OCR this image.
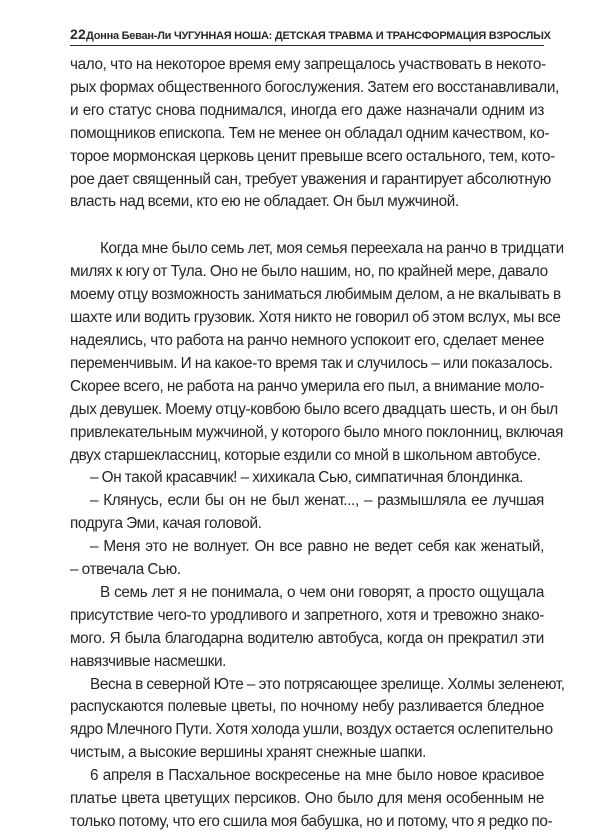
22 Донна Беван-Ли ЧУГУННАЯ НОША: ДЕТСКАЯ ТРАВМА И ТРАНСФОРМАЦИЯ ВЗРОСЛЫХ
чало, что на некоторое время ему запрещалось участвовать в некото-
рых формах общественного богослужения. Затем его восстанавливали,
и его статус снова поднимался, иногда его даже назначали одним из
помощников епископа. Тем не менее он обладал одним качеством, ко-
торое мормонская церковь ценит превыше всего остального, тем, кото-
рое дает священный сан, требует уважения и гарантирует абсолютную
власть над всеми, кто ею не обладает. Он был мужчиной.
Когда мне было семь лет, моя семья переехала на ранчо в тридцати
милях к югу от Тула. Оно не было нашим, но, по крайней мере, давало
моему отцу возможность заниматься любимым делом, а не вкалывать в
шахте или водить грузовик. Хотя никто не говорил об этом вслух, мы все
надеялись, что работа на ранчо немного успокоит его, сделает менее
переменчивым. И на какое-то время так и случилось – или показалось.
Скорее всего, не работа на ранчо умерила его пыл, а внимание моло-
дых девушек. Моему отцу-ковбою было всего двадцать шесть, и он был
привлекательным мужчиной, у которого было много поклонниц, включая
двух старшеклассниц, которые ездили со мной в школьном автобусе.
– Он такой красавчик! – хихикала Сью, симпатичная блондинка.
– Клянусь, если бы он не был женат..., – размышляла ее лучшая
подруга Эми, качая головой.
– Меня это не волнует. Он все равно не ведет себя как женатый,
– отвечала Сью.
В семь лет я не понимала, о чем они говорят, а просто ощущала
присутствие чего-то уродливого и запретного, хотя и тревожно знако-
мого. Я была благодарна водителю автобуса, когда он прекратил эти
навязчивые насмешки.
Весна в северной Юте – это потрясающее зрелище. Холмы зеленеют,
распускаются полевые цветы, по ночному небу разливается бледное
ядро Млечного Пути. Хотя холода ушли, воздух остается ослепительно
чистым, а высокие вершины хранят снежные шапки.
6 апреля в Пасхальное воскресенье на мне было новое красивое
платье цвета цветущих персиков. Оно было для меня особенным не
только потому, что его сшила моя бабушка, но и потому, что я редко по-
